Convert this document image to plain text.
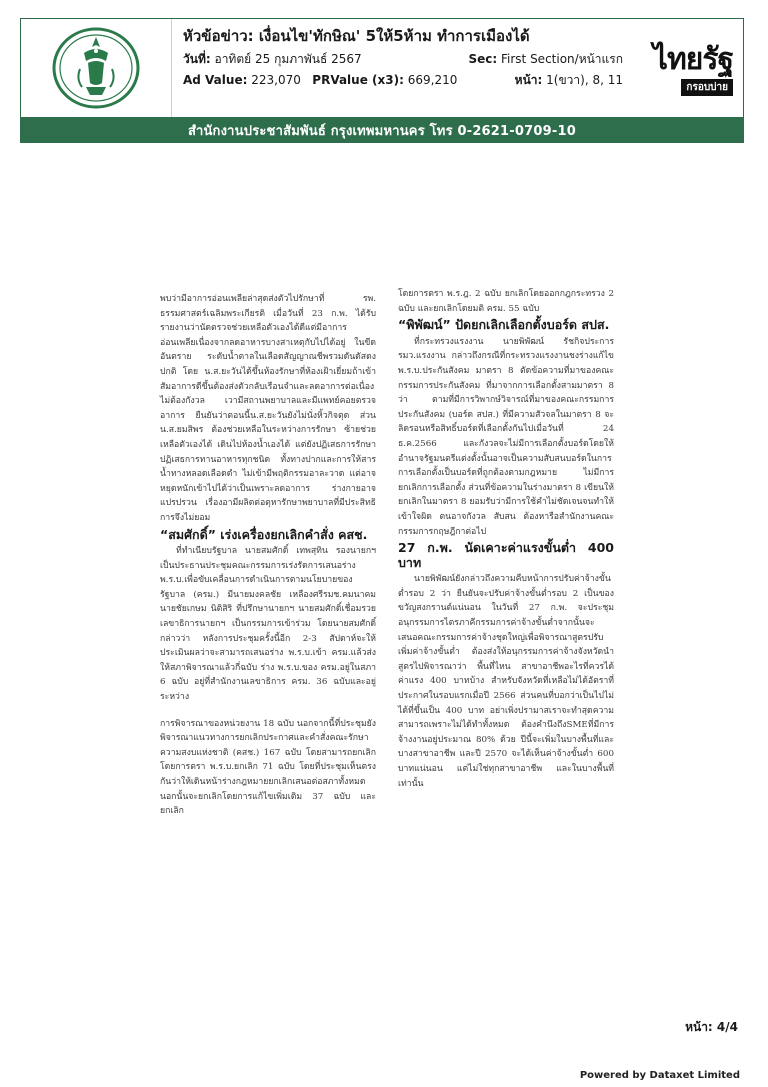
หัวข้อข่าว: เงื่อนไข'ทักษิณ' 5ให้5ห้าม ทำการเมืองได้
วันที่: อาทิตย์ 25 กุมภาพันธ์ 2567	Sec: First Section/หน้าแรก
Ad Value: 223,070 PRValue (x3): 669,210	หน้า: 1(ขวา), 8, 11
ไทยรัฐ
กรอบบ่าย
สำนักงานประชาสัมพันธ์ กรุงเทพมหานคร โทร 0-2621-0709-10

พบว่ามีอาการอ่อนเพลียล่าสุดส่งตัวไปรักษาที่ รพ. ธรรมศาสตร์เฉลิมพระเกียรติ เมื่อวันที่ 23 ก.พ. ได้รับรายงานว่านัดตรวจช่วยเหลือตัวเองได้ดีแต่มีอาการอ่อนเพลียเนื่องจากลดอาหารบางสาเหตุกับไปได้อยู่ ในขีดอันตราย ระดับน้ำตาลในเลือดสัญญาณชีพรวมดันดัสดงปกติ โดย น.ส.ยะวันได้ขึ้นห้องรักษาที่ห้องเฝ้าเยี่ยมถ้าเข้าสัมอาการดีขึ้นต้องส่งตัวกลับเรือนจำและลดอาการต่อเนื่อง ไม่ต้องกังวล เวามีสถานพยาบาลและมีแพทย์คอยตรวจอาการ ยืนยันว่าตอนนี้น.ส.ยะวันยังไม่นั่งหิ้วกิจตุด ส่วน น.ส.ยมสิพร ต้องช่วยเหลือในระหว่างการรักษา ซ้ายช่วยเหลือตัวเองได้ เดินไปห้องน้ำเองได้ แต่ยังปฏิเสธการรักษา ปฏิเสธการทานอาหารทุกชนิด ทั้งทางปากและการให้สารน้ำทางหลอดเลือดดำ ไม่เข้ามีพฤติกรรมอาละวาด แต่อาจหยุดหนักเข้าไปได้ว่าเป็นเพราะลดอาการ ร่างกายอาจแปรปรวน เรื่องอามีผลิตต่อตุหารักษาพยาบาลที่มีประสิทธิการจึงไม่ยอม

“สมศักดิ์” เร่งเครื่องยกเลิกคำสั่ง คสช.

ที่ทำเนียบรัฐบาล นายสมศักดิ์ เทพสุทิน รองนายกฯ เป็นประธานประชุมคณะกรรมการเร่งรัดการเสนอร่าง พ.ร.บ.เพื่อขับเคลื่อนการดำเนินการตามนโยบายของรัฐบาล (ครม.) มีนายมงคลชัย เหลืองศรีรมช.คมนาคม นายชัยเกษม นิติสิริ ที่ปรึกษานายกฯ นายสมศักดิ์เชื่อมรวยเลขาธิการนายกฯ เป็นกรรมการเข้าร่วม โดยนายสมศักดิ์กล่าวว่า หลังการประชุมครั้งนี้อีก 2-3 สัปดาห์จะให้ประเมินผลว่าจะสามารถเสนอร่าง พ.ร.บ.เข้า ครม.แล้วส่งให้สภาพิจารณาแล้วกี่ฉบับ ร่าง พ.ร.บ.ของ ครม.อยู่ในสภา 6 ฉบับ อยู่ที่สำนักงานเลขาธิการ ครม. 36 ฉบับและอยู่ระหว่าง

การพิจารณาของหน่วยงาน 18 ฉบับ นอกจากนี้ที่ประชุมยังพิจารณาแนวทางการยกเลิกประกาศและคำสั่งคณะรักษาความสงบแห่งชาติ (คสช.) 167 ฉบับ โดยสามารถยกเลิกโดยการตรา พ.ร.บ.ยกเลิก 71 ฉบับ โดยที่ประชุมเห็นตรงกันว่าให้เดินหน้าร่างกฎหมายยกเลิกเสนอต่อสภาทั้งหมด นอกนั้นจะยกเลิกโดยการแก้ไขเพิ่มเติม 37 ฉบับ และยกเลิก

โดยการตรา พ.ร.ฎ. 2 ฉบับ ยกเลิกโดยออกกฎกระทรวง 2 ฉบับ และยกเลิกโดยมติ ครม. 55 ฉบับ

“พิพัฒน์” ปัดยกเลิกเลือกตั้งบอร์ด สปส.

ที่กระทรวงแรงงาน นายพิพัฒน์ รัชกิจประการ รมว.แรงงาน กล่าวถึงกรณีที่กระทรวงแรงงานชงร่างแก้ไข พ.ร.บ.ประกันสังคม มาตรา 8 ตัดข้อความที่มาของคณะกรรมการประกันสังคม ที่มาจากการเลือกตั้งสามมาตรา 8 ว่า ตามที่มีการวิพากษ์วิจารณ์ที่มาของคณะกรรมการประกันสังคม (บอร์ด สปส.) ที่มีความสัวจลในมาตรา 8 จะลิดรอนหรือสิทธิ์บอร์ดที่เลือกตั้งกันไปเมื่อวันที่ 24 ธ.ค.2566 และกังวลจะไม่มีการเลือกตั้งบอร์ดโดยให้อำนาจรัฐมนตรีแต่งตั้งนั้นอาจเป็นความสับสนบอร์ดในการการเลือกตั้งเป็นบอร์ดที่ถูกต้องตามกฎหมาย ไม่มีการยกเลิกการเลือกตั้ง ส่วนที่ข้อความในร่างมาตรา 8 เขียนให้ยกเลิกในมาตรา 8 ยอมรับว่ามีการใช้คำไม่ชัดเจนจนทำให้เข้าใจผิด ตนอาจกังวล สับสน ต้องหารือสำนักงานคณะกรรมการกฤษฎีกาต่อไป

27 ก.พ. นัดเคาะค่าแรงขั้นต่ำ 400 บาท

นายพิพัฒน์ยังกล่าวถึงความคืบหน้าการปรับค่าจ้างขั้นต่ำรอบ 2 ว่า ยืนยันจะปรับค่าจ้างขั้นต่ำรอบ 2 เป็นของขวัญสงกรานต์แน่นอน ในวันที่ 27 ก.พ. จะประชุมอนุกรรมการไตรภาคีกรรมการค่าจ้างขั้นต่ำจากนั้นจะเสนอคณะกรรมการค่าจ้างชุดใหญ่เพื่อพิจารณาสูตรปรับเพิ่มค่าจ้างขั้นต่ำ ต้องส่งให้อนุกรรมการค่าจ้างจังหวัดนำสูตรไปพิจารณาว่า พื้นที่ไหน สาขาอาชีพอะไรที่ควรได้ค่าแรง 400 บาทบ้าง สำหรับจังหวัดที่เหลือไม่ได้อัตราที่ประกาศในรอบแรกเมื่อปี 2566 ส่วนคนที่บอกว่าเป็นไปไม่ได้ที่ขึ้นเป็น 400 บาท อย่าเพิ่งปรามาสเราจะทำสุดความสามารถเพราะไม่ได้ทำทั้งหมด ต้องคำนึงถึงSMEที่มีการจ้างงานอยู่ประมาณ 80% ด้วย ปีนี้จะเพิ่มในบางพื้นที่และบางสาขาอาชีพ และปี 2570 จะได้เห็นค่าจ้างขั้นต่ำ 600 บาทแน่นอน แต่ไม่ใช่ทุกสาขาอาชีพ และในบางพื้นที่เท่านั้น

หน้า: 4/4
Powered by Dataxet Limited
